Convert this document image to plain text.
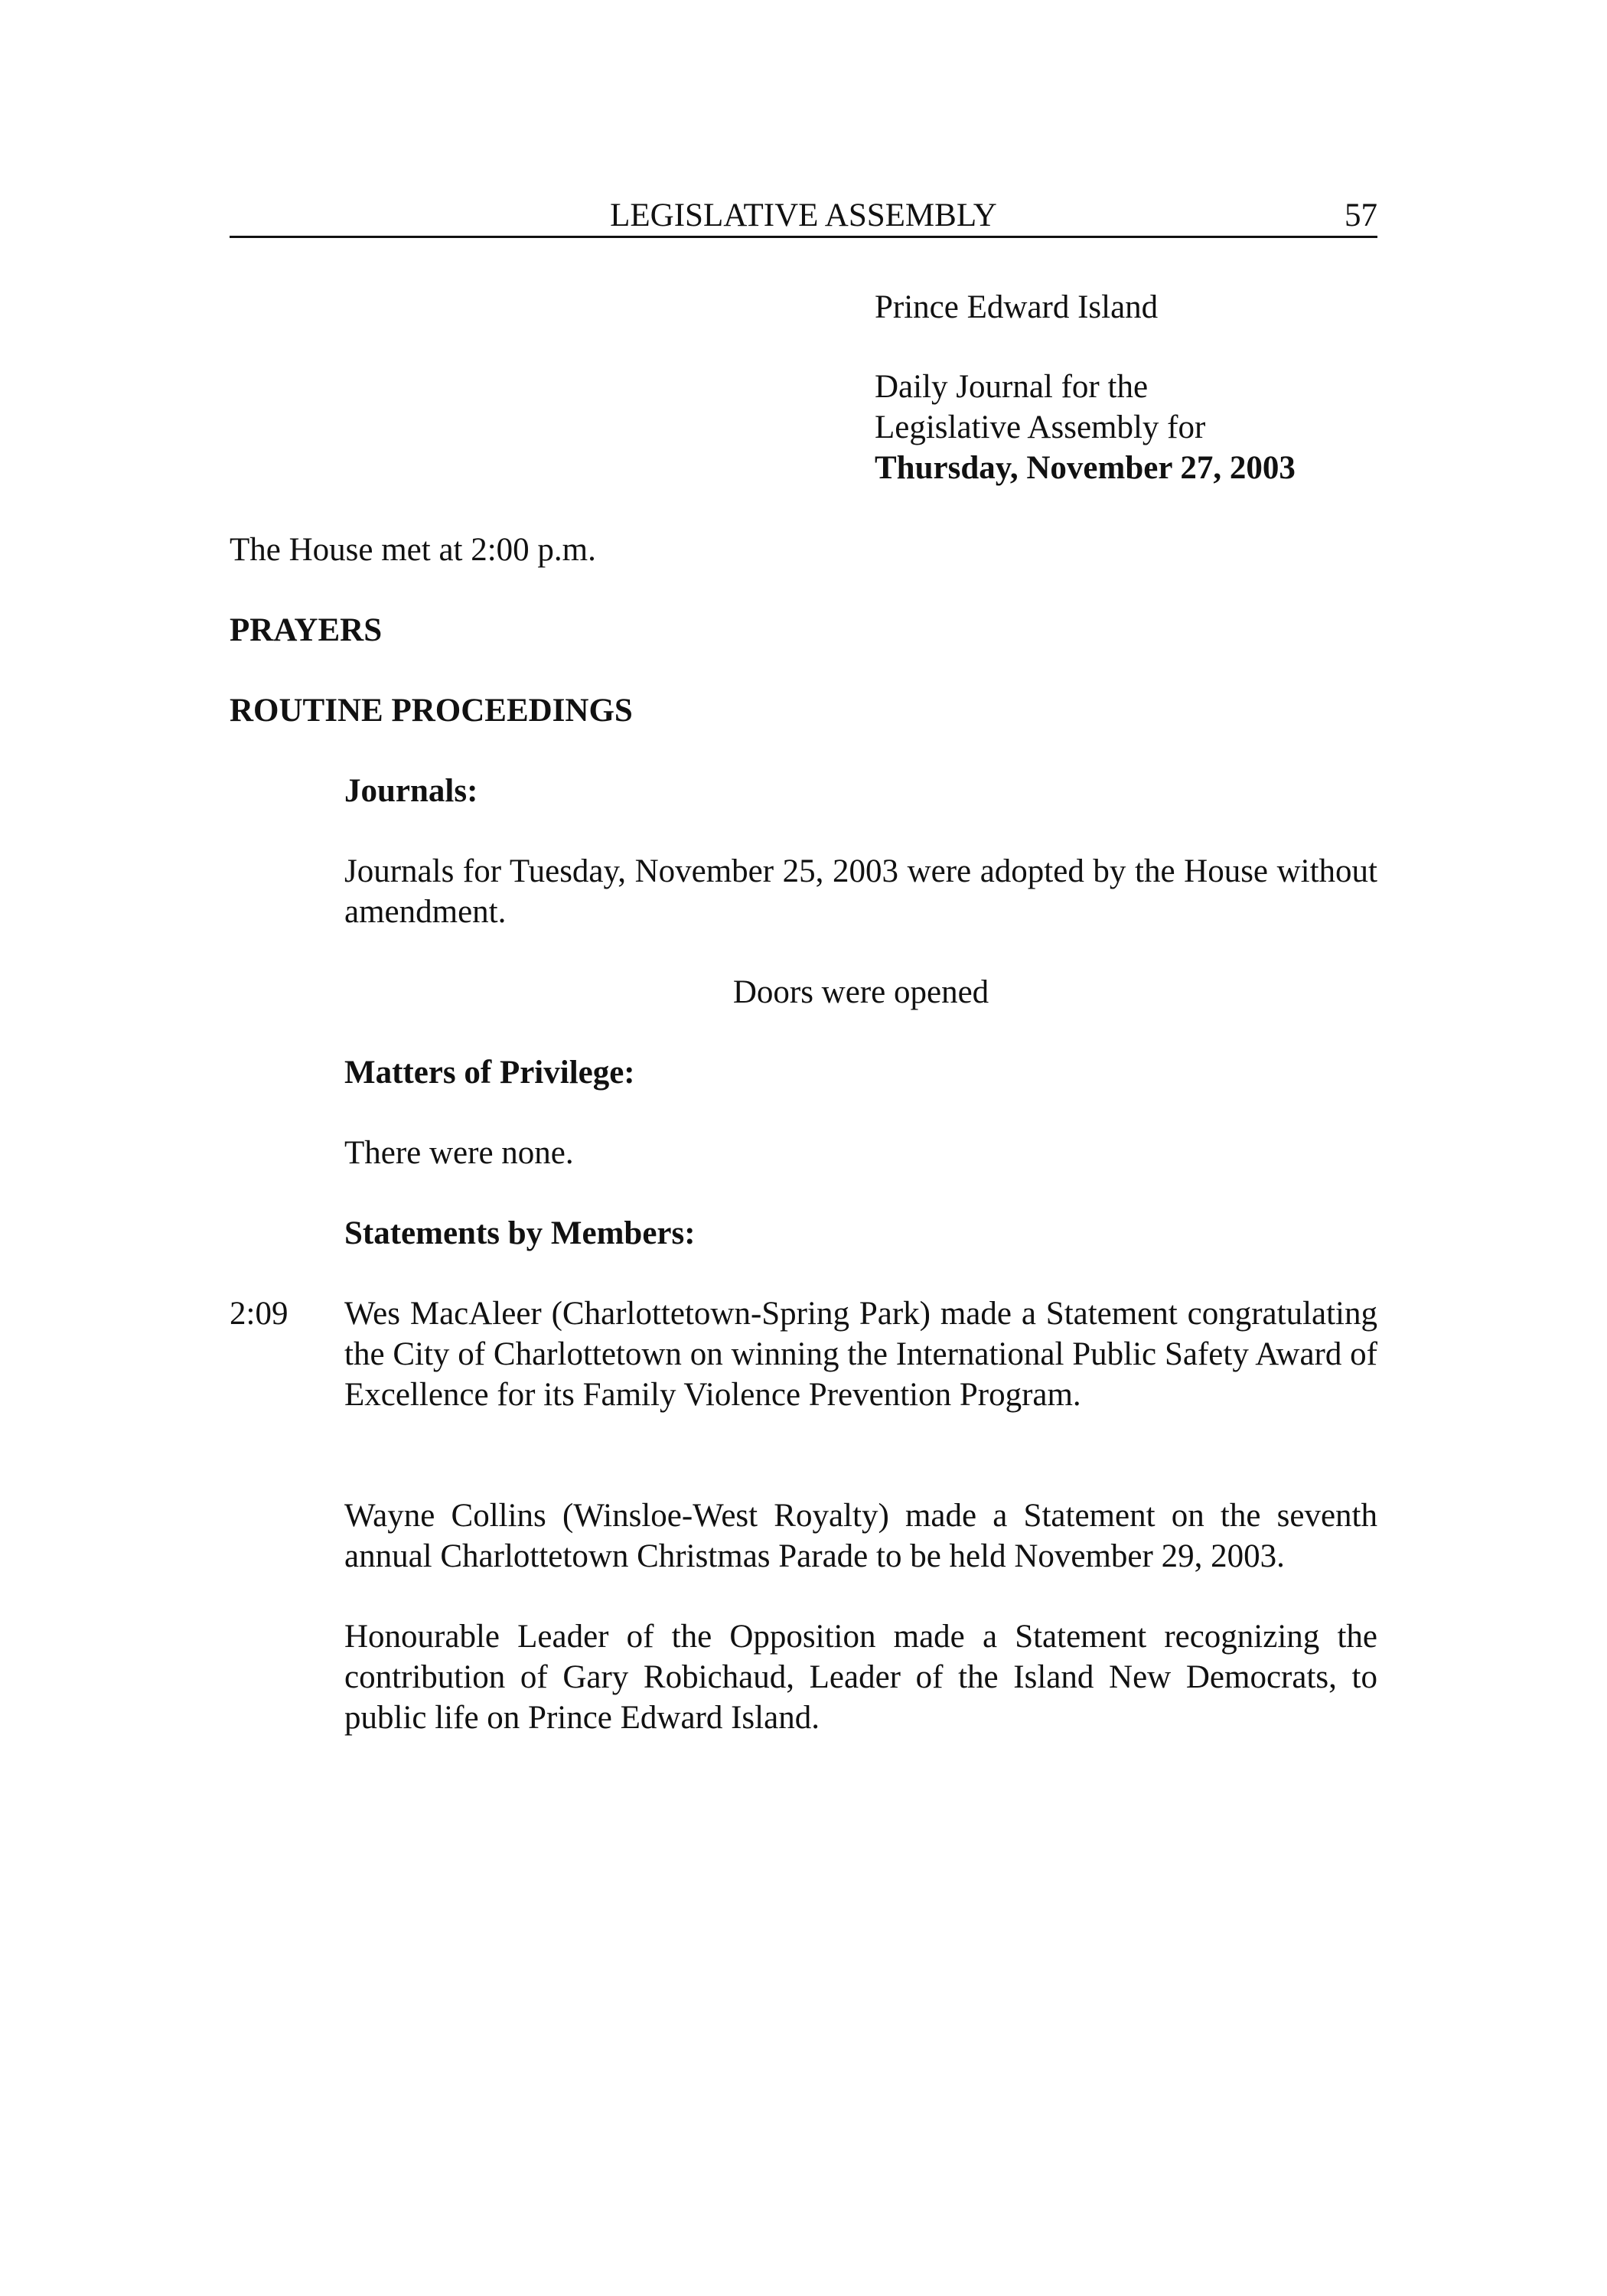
LEGISLATIVE ASSEMBLY	57
Prince Edward Island
Daily Journal for the
Legislative Assembly for
Thursday, November 27, 2003
The House met at 2:00 p.m.
PRAYERS
ROUTINE PROCEEDINGS
Journals:
Journals for Tuesday, November 25, 2003 were adopted by the House without amendment.
Doors were opened
Matters of Privilege:
There were none.
Statements by Members:
2:09 Wes MacAleer (Charlottetown-Spring Park) made a Statement congratulating the City of Charlottetown on winning the International Public Safety Award of Excellence for its Family Violence Prevention Program.
Wayne Collins (Winsloe-West Royalty) made a Statement on the seventh annual Charlottetown Christmas Parade to be held November 29, 2003.
Honourable Leader of the Opposition made a Statement recognizing the contribution of Gary Robichaud, Leader of the Island New Democrats, to public life on Prince Edward Island.
